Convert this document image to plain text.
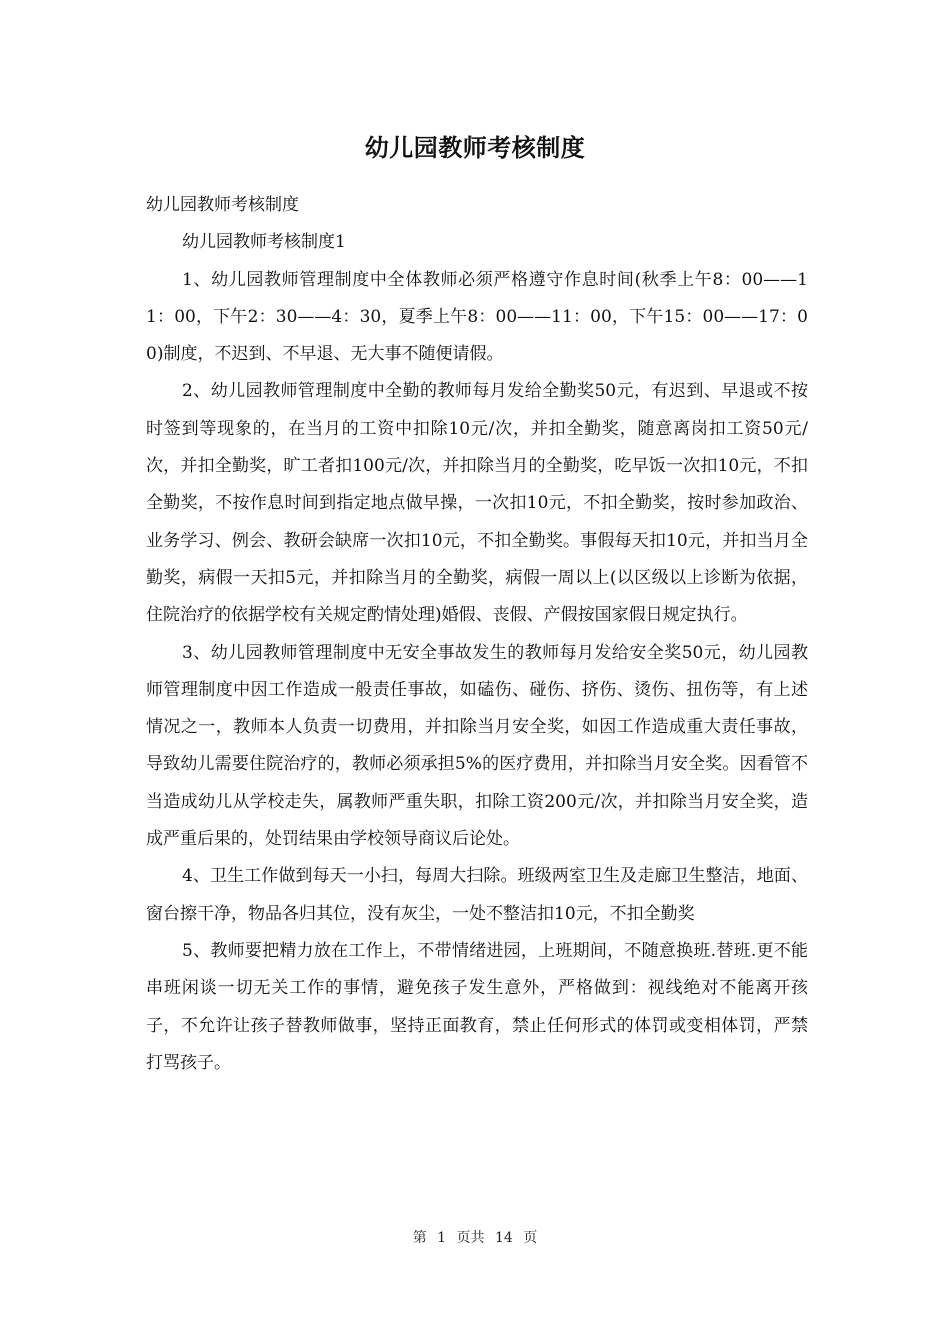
幼儿园教师考核制度

幼儿园教师考核制度

幼儿园教师考核制度1

1、幼儿园教师管理制度中全体教师必须严格遵守作息时间(秋季上午8：00——11：00，下午2：30——4：30，夏季上午8：00——11：00，下午15：00——17：00)制度，不迟到、不早退、无大事不随便请假。

2、幼儿园教师管理制度中全勤的教师每月发给全勤奖50元，有迟到、早退或不按时签到等现象的，在当月的工资中扣除10元/次，并扣全勤奖，随意离岗扣工资50元/次，并扣全勤奖，旷工者扣100元/次，并扣除当月的全勤奖，吃早饭一次扣10元，不扣全勤奖，不按作息时间到指定地点做早操，一次扣10元，不扣全勤奖，按时参加政治、业务学习、例会、教研会缺席一次扣10元，不扣全勤奖。事假每天扣10元，并扣当月全勤奖，病假一天扣5元，并扣除当月的全勤奖，病假一周以上(以区级以上诊断为依据，住院治疗的依据学校有关规定酌情处理)婚假、丧假、产假按国家假日规定执行。

3、幼儿园教师管理制度中无安全事故发生的教师每月发给安全奖50元，幼儿园教师管理制度中因工作造成一般责任事故，如磕伤、碰伤、挤伤、烫伤、扭伤等，有上述情况之一，教师本人负责一切费用，并扣除当月安全奖，如因工作造成重大责任事故，导致幼儿需要住院治疗的，教师必须承担5%的医疗费用，并扣除当月安全奖。因看管不当造成幼儿从学校走失，属教师严重失职，扣除工资200元/次，并扣除当月安全奖，造成严重后果的，处罚结果由学校领导商议后论处。

4、卫生工作做到每天一小扫，每周大扫除。班级两室卫生及走廊卫生整洁，地面、窗台擦干净，物品各归其位，没有灰尘，一处不整洁扣10元，不扣全勤奖

5、教师要把精力放在工作上，不带情绪进园，上班期间，不随意换班.替班.更不能串班闲谈一切无关工作的事情，避免孩子发生意外，严格做到：视线绝对不能离开孩子，不允许让孩子替教师做事，坚持正面教育，禁止任何形式的体罚或变相体罚，严禁打骂孩子。

第 1 页共 14 页
